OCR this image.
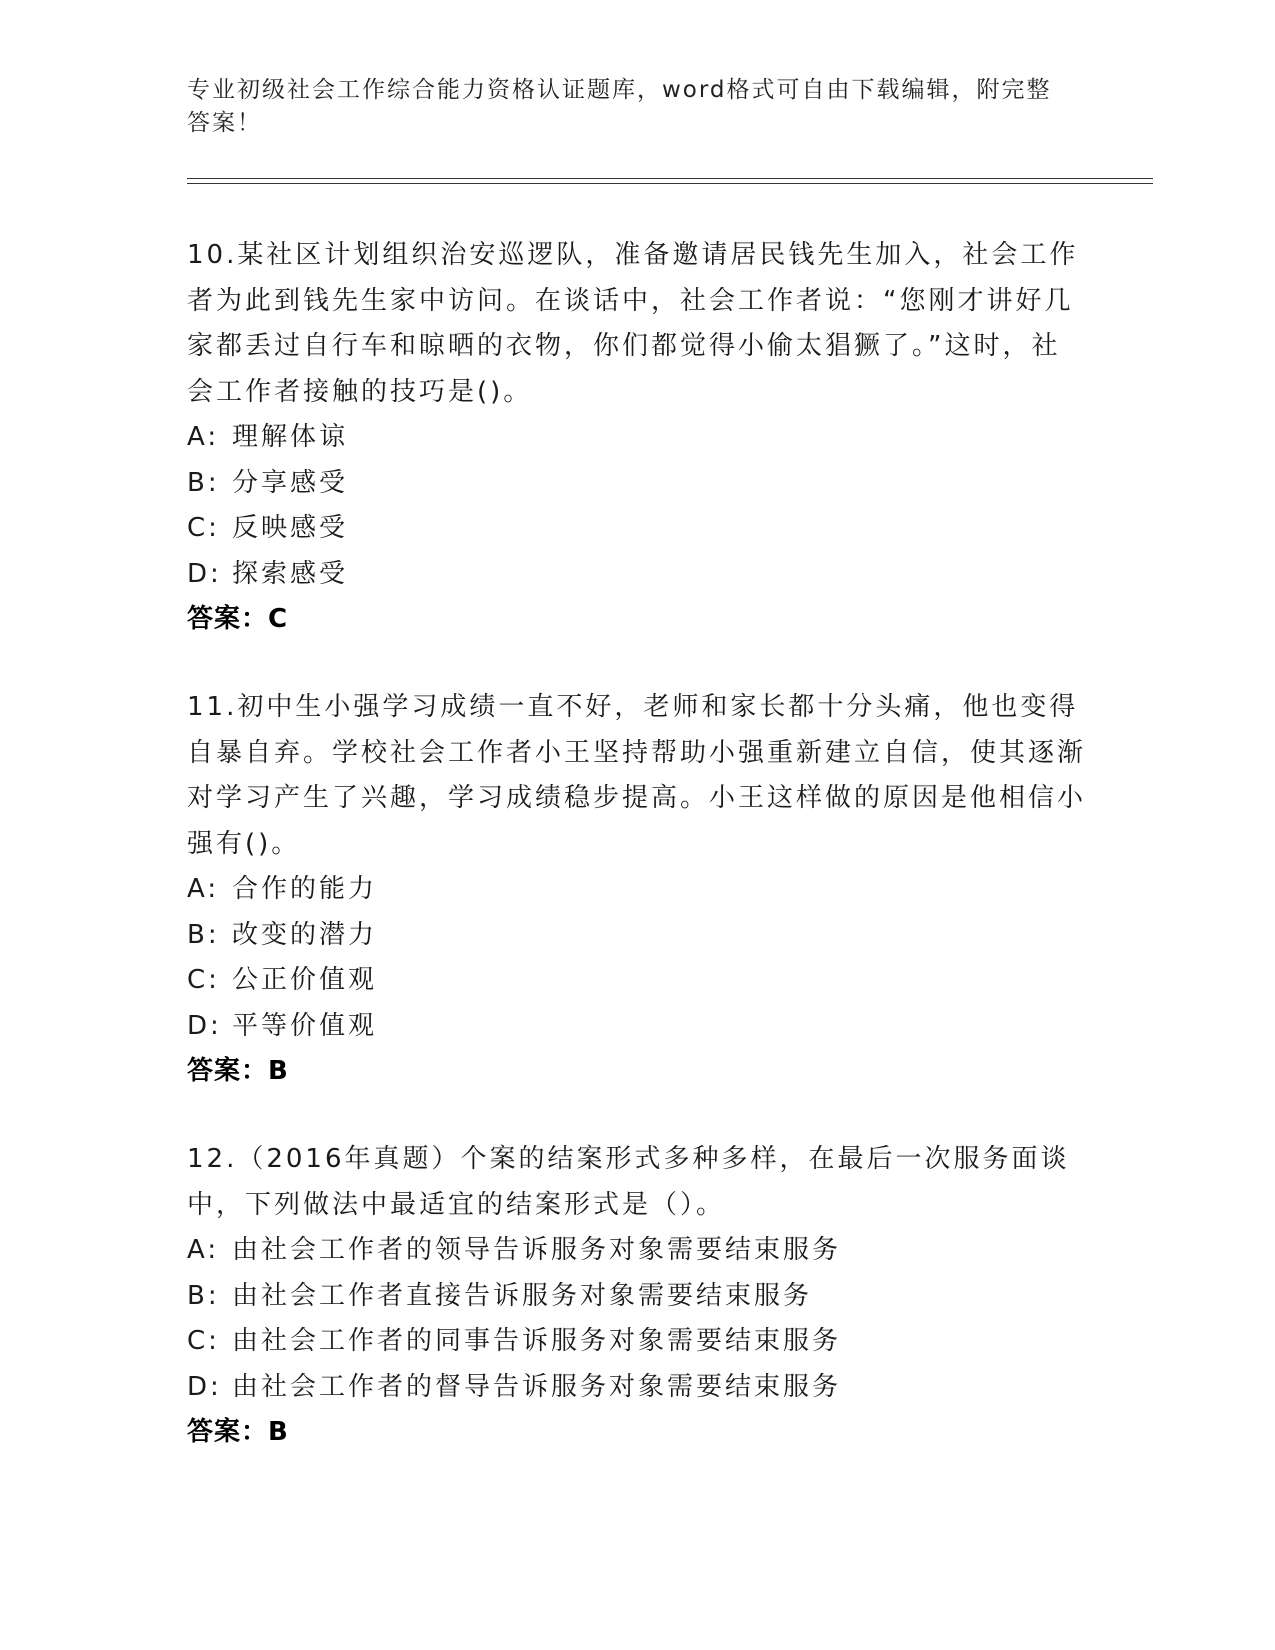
专业初级社会工作综合能力资格认证题库，word格式可自由下载编辑，附完整答案！

10.某社区计划组织治安巡逻队，准备邀请居民钱先生加入，社会工作者为此到钱先生家中访问。在谈话中，社会工作者说：“您刚才讲好几家都丢过自行车和晾晒的衣物，你们都觉得小偷太猖獗了。”这时，社会工作者接触的技巧是()。

A: 理解体谅

B: 分享感受

C: 反映感受

D: 探索感受

答案：C

11.初中生小强学习成绩一直不好，老师和家长都十分头痛，他也变得自暴自弃。学校社会工作者小王坚持帮助小强重新建立自信，使其逐渐对学习产生了兴趣，学习成绩稳步提高。小王这样做的原因是他相信小强有()。

A: 合作的能力

B: 改变的潜力

C: 公正价值观

D: 平等价值观

答案：B

12.（2016年真题）个案的结案形式多种多样，在最后一次服务面谈中，下列做法中最适宜的结案形式是（）。

A: 由社会工作者的领导告诉服务对象需要结束服务

B: 由社会工作者直接告诉服务对象需要结束服务

C: 由社会工作者的同事告诉服务对象需要结束服务

D: 由社会工作者的督导告诉服务对象需要结束服务

答案：B
